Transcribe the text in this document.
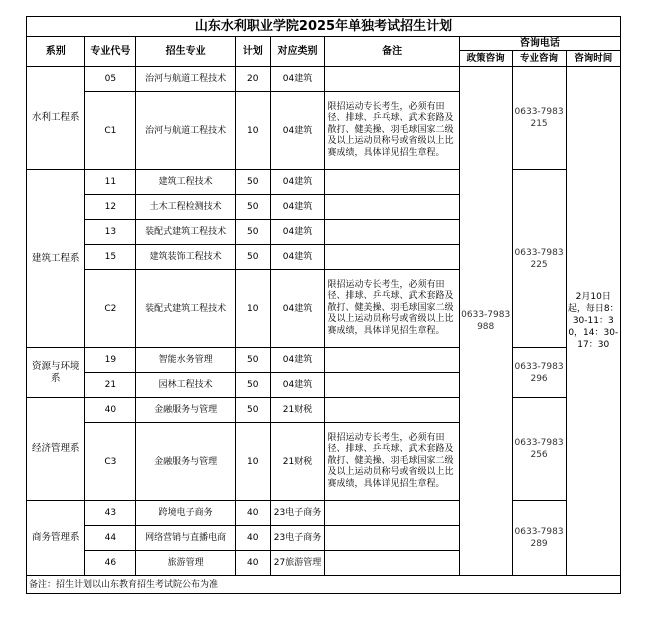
山东水利职业学院2025年单独考试招生计划								
系别	专业代号	招生专业	计划	对应类别	备注	咨询电话		
						政策咨询	专业咨询	咨询时间
水利工程系	05	治河与航道工程技术	20	04建筑		0633-7983988	0633-7983215	2月10日起，每日8：30-11：30，14：30-17：30
	C1	治河与航道工程技术	10	04建筑	限招运动专长考生，必须有田径、排球、乒乓球、武术套路及散打、健美操、羽毛球国家二级及以上运动员称号或省级以上比赛成绩，具体详见招生章程。			
建筑工程系	11	建筑工程技术	50	04建筑			0633-7983225	
	12	土木工程检测技术	50	04建筑				
	13	装配式建筑工程技术	50	04建筑				
	15	建筑装饰工程技术	50	04建筑				
	C2	装配式建筑工程技术	10	04建筑	限招运动专长考生，必须有田径、排球、乒乓球、武术套路及散打、健美操、羽毛球国家二级及以上运动员称号或省级以上比赛成绩，具体详见招生章程。			
资源与环境系	19	智能水务管理	50	04建筑			0633-7983296	
	21	园林工程技术	50	04建筑				
经济管理系	40	金融服务与管理	50	21财税			0633-7983256	
	C3	金融服务与管理	10	21财税	限招运动专长考生，必须有田径、排球、乒乓球、武术套路及散打、健美操、羽毛球国家二级及以上运动员称号或省级以上比赛成绩，具体详见招生章程。			
商务管理系	43	跨境电子商务	40	23电子商务			0633-7983289	
	44	网络营销与直播电商	40	23电子商务				
	46	旅游管理	40	27旅游管理				
备注：招生计划以山东教育招生考试院公布为准								
